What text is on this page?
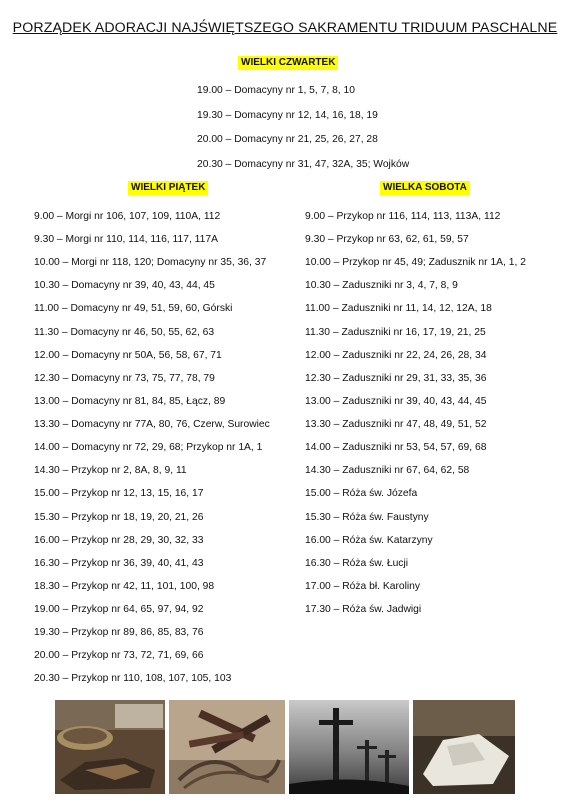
PORZĄDEK ADORACJI NAJŚWIĘTSZEGO SAKRAMENTU TRIDUUM PASCHALNE
WIELKI CZWARTEK
WIELKI PIĄTEK	WIELKA SOBOTA
19.00 – Domacyny nr 1, 5, 7, 8, 10
19.30 – Domacyny nr 12, 14, 16, 18, 19
20.00 – Domacyny nr 21, 25, 26, 27, 28
20.30 – Domacyny nr 31, 47, 32A, 35; Wojków
9.00 – Morgi nr 106, 107, 109, 110A, 112
9.30 – Morgi nr 110, 114, 116, 117, 117A
10.00 – Morgi nr 118, 120; Domacyny nr 35, 36, 37
10.30 – Domacyny nr 39, 40, 43, 44, 45
11.00 – Domacyny nr 49, 51, 59, 60, Górski
11.30 – Domacyny nr 46, 50, 55, 62, 63
12.00 – Domacyny nr 50A, 56, 58, 67, 71
12.30 – Domacyny nr 73, 75, 77, 78, 79
13.00 – Domacyny nr 81, 84, 85, Łącz, 89
13.30 – Domacyny nr 77A, 80, 76, Czerw, Surowiec
14.00 – Domacyny nr 72, 29, 68; Przykop nr 1A, 1
14.30 – Przykop nr 2, 8A, 8, 9, 11
15.00 – Przykop nr 12, 13, 15, 16, 17
15.30 – Przykop nr 18, 19, 20, 21, 26
16.00 – Przykop nr 28, 29, 30, 32, 33
16.30 – Przykop nr 36, 39, 40, 41, 43
18.30 – Przykop nr 42, 11, 101, 100, 98
19.00 – Przykop nr 64, 65, 97, 94, 92
19.30 – Przykop nr 89, 86, 85, 83, 76
20.00 – Przykop nr 73, 72, 71, 69, 66
20.30 – Przykop nr 110, 108, 107, 105, 103
9.00 – Przykop nr 116, 114, 113, 113A, 112
9.30 – Przykop nr 63, 62, 61, 59, 57
10.00 – Przykop nr 45, 49; Zadusznik nr 1A, 1, 2
10.30 – Zaduszniki nr 3, 4, 7, 8, 9
11.00 – Zaduszniki nr 11, 14, 12, 12A, 18
11.30 – Zaduszniki nr 16, 17, 19, 21, 25
12.00 – Zaduszniki nr 22, 24, 26, 28, 34
12.30 – Zaduszniki nr 29, 31, 33, 35, 36
13.00 – Zaduszniki nr 39, 40, 43, 44, 45
13.30 – Zaduszniki nr 47, 48, 49, 51, 52
14.00 – Zaduszniki nr 53, 54, 57, 69, 68
14.30 – Zaduszniki nr 67, 64, 62, 58
15.00 – Róża św. Józefa
15.30 – Róża św. Faustyny
16.00 – Róża św. Katarzyny
16.30 – Róża św. Łucji
17.00 – Róża bł. Karoliny
17.30 – Róża św. Jadwigi
